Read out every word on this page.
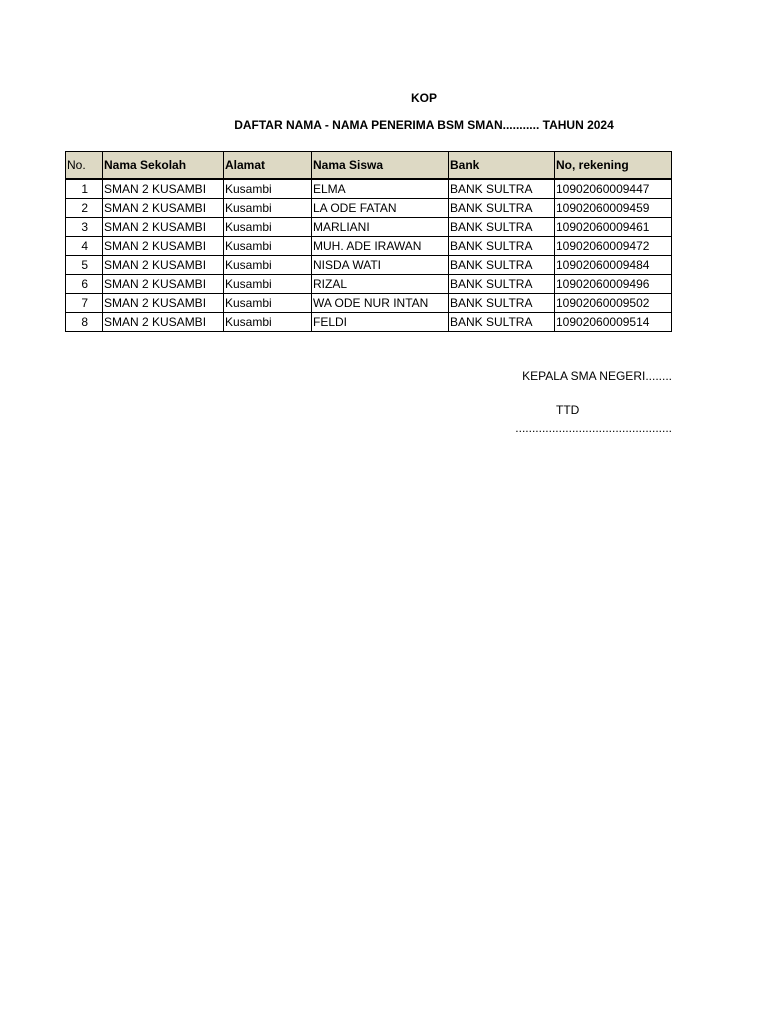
KOP
DAFTAR NAMA - NAMA PENERIMA BSM SMAN........... TAHUN 2024
No.	Nama Sekolah	Alamat	Nama Siswa	Bank	No, rekening
1	SMAN 2 KUSAMBI	Kusambi	ELMA	BANK SULTRA	10902060009447
2	SMAN 2 KUSAMBI	Kusambi	LA ODE FATAN	BANK SULTRA	10902060009459
3	SMAN 2 KUSAMBI	Kusambi	MARLIANI	BANK SULTRA	10902060009461
4	SMAN 2 KUSAMBI	Kusambi	MUH. ADE IRAWAN	BANK SULTRA	10902060009472
5	SMAN 2 KUSAMBI	Kusambi	NISDA WATI	BANK SULTRA	10902060009484
6	SMAN 2 KUSAMBI	Kusambi	RIZAL	BANK SULTRA	10902060009496
7	SMAN 2 KUSAMBI	Kusambi	WA ODE NUR INTAN	BANK SULTRA	10902060009502
8	SMAN 2 KUSAMBI	Kusambi	FELDI	BANK SULTRA	10902060009514
KEPALA SMA NEGERI........
TTD
...............................................
